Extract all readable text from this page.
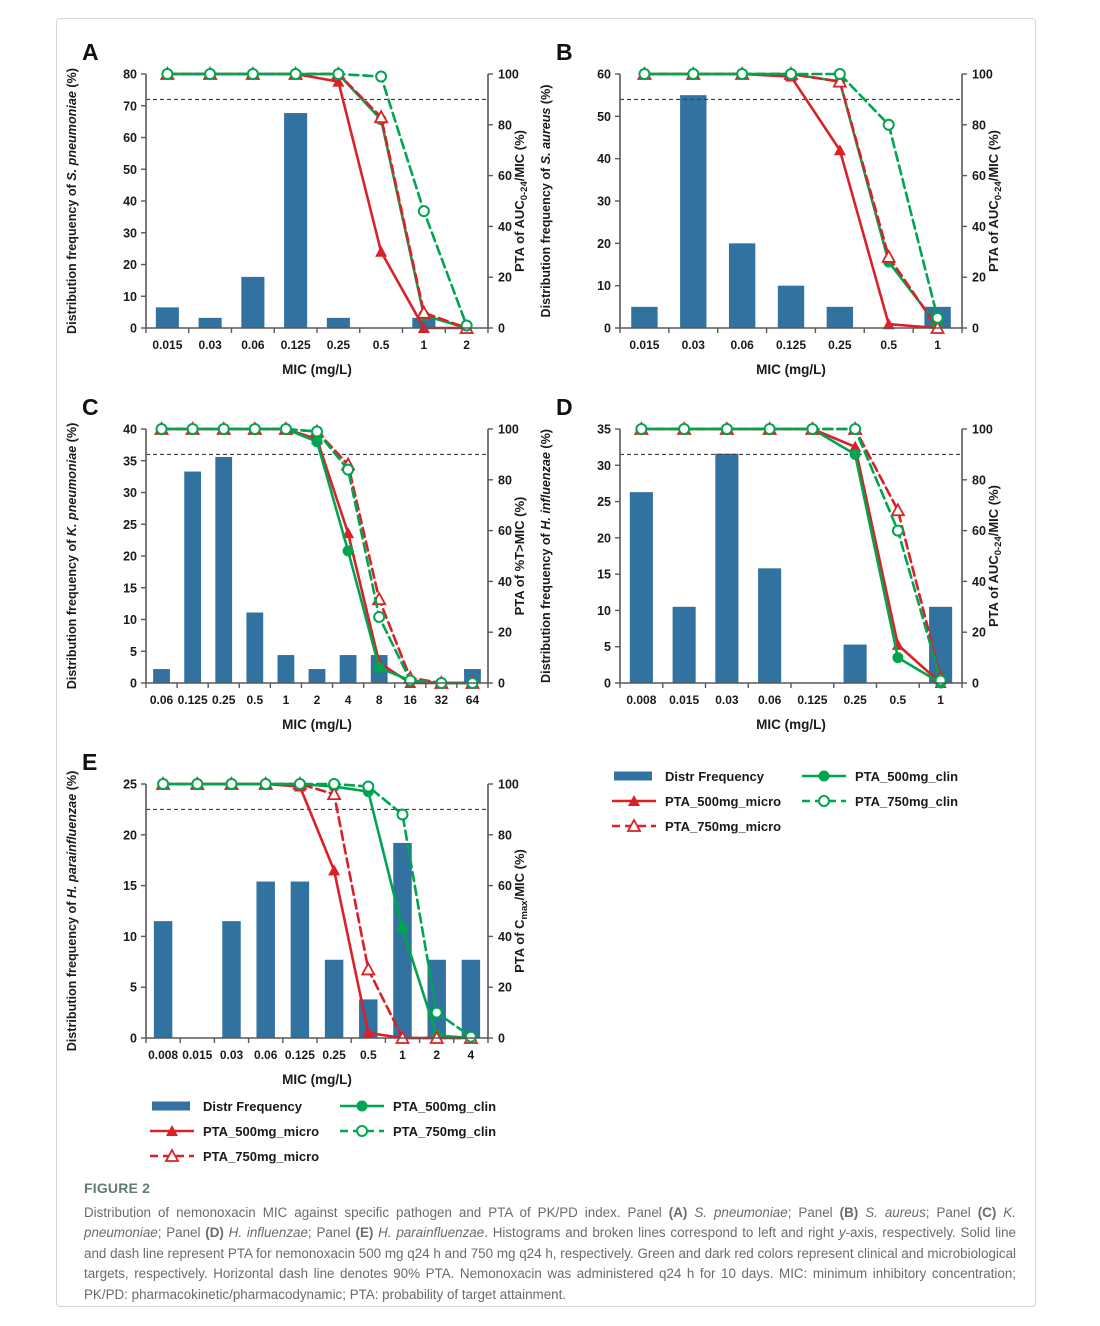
0
10
20
30
40
50
60
70
80
0
20
40
60
80
100
0.015 0.03 0.06 0.125 0.25 0.5	1	2
MIC (mg/L)
A
Distribution frequency of S. pneumoniae (%)
PTA of $AUC_{0-24}$/MIC (%)
0
10
20
30
40
50
60
0
20
40
60
80
100
0.015 0.03 0.06 0.125 0.25 0.5	1
MIC (mg/L)
B
Distribution frequency of S. aureus (%)
PTA of $AUC_{0-24}$/MIC (%)
0
5
10
15
20
25
30
35
40
0
20
40
60
80
100
0.06 0.125 0.25 0.5 1 2 4 8 16 32 64
MIC (mg/L)
C
Distribution frequency of K. pneumoniae (%)
PTA of %T>MIC (%)
0
5
10
15
20
25
30
35
0
20
40
60
80
100
0.008 0.015 0.03 0.06 0.125 0.25 0.5	1
MIC (mg/L)
D
Distribution frequency of H. influenzae (%)
PTA of $AUC_{0-24}$/MIC (%)
0
5
10
15
20
25
0
20
40
60
80
100
0.008 0.015 0.03 0.06 0.125 0.25 0.5 1 2 4
MIC (mg/L)
E
Distribution frequency of H. parainfluenzae (%)
PTA of $C_{max}$/MIC (%)
Distr Frequency
PTA_500mg_micro
PTA_750mg_micro
PTA_500mg_clin
PTA_750mg_clin
Distr Frequency
PTA_500mg_micro
PTA_750mg_micro
PTA_500mg_clin
PTA_750mg_clin
FIGURE 2

Distribution of nemonoxacin MIC against specific pathogen and PTA of PK/PD index. Panel (A) S. pneumoniae; Panel (B) S. aureus; Panel (C) K. pneumoniae; Panel (D) H. influenzae; Panel (E) H. parainfluenzae. Histograms and broken lines correspond to left and right y-axis, respectively. Solid line and dash line represent PTA for nemonoxacin 500 mg q24 h and 750 mg q24 h, respectively. Green and dark red colors represent clinical and microbiological targets, respectively. Horizontal dash line denotes 90% PTA. Nemonoxacin was administered q24 h for 10 days. MIC: minimum inhibitory concentration; PK/PD: pharmacokinetic/pharmacodynamic; PTA: probability of target attainment.
